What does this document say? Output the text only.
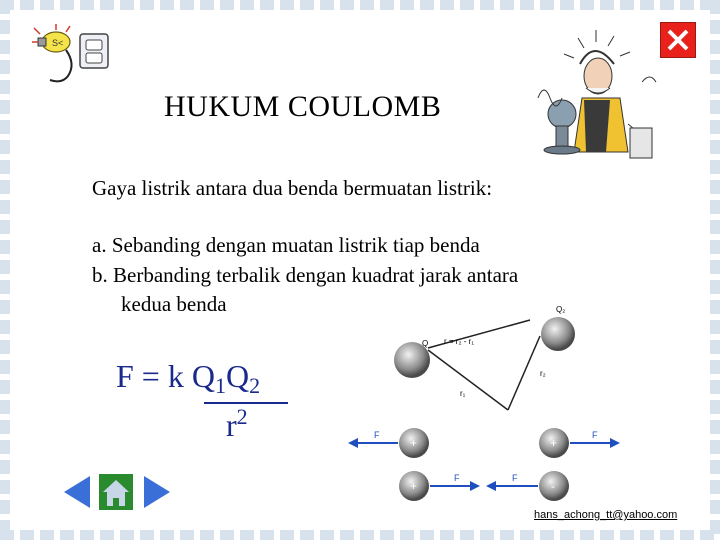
S<
HUKUM COULOMB
Gaya listrik antara dua benda bermuatan listrik:
a. Sebanding dengan muatan listrik tiap benda
b. Berbanding terbalik dengan kuadrat jarak antara
kedua benda
F = k $Q_1Q_2$
$r^2$
Q
Q₂
r = r₂ - r₁
r₁
r₂
F
+	+
F
+
F	F
-
hans_achong_tt@yahoo.com
